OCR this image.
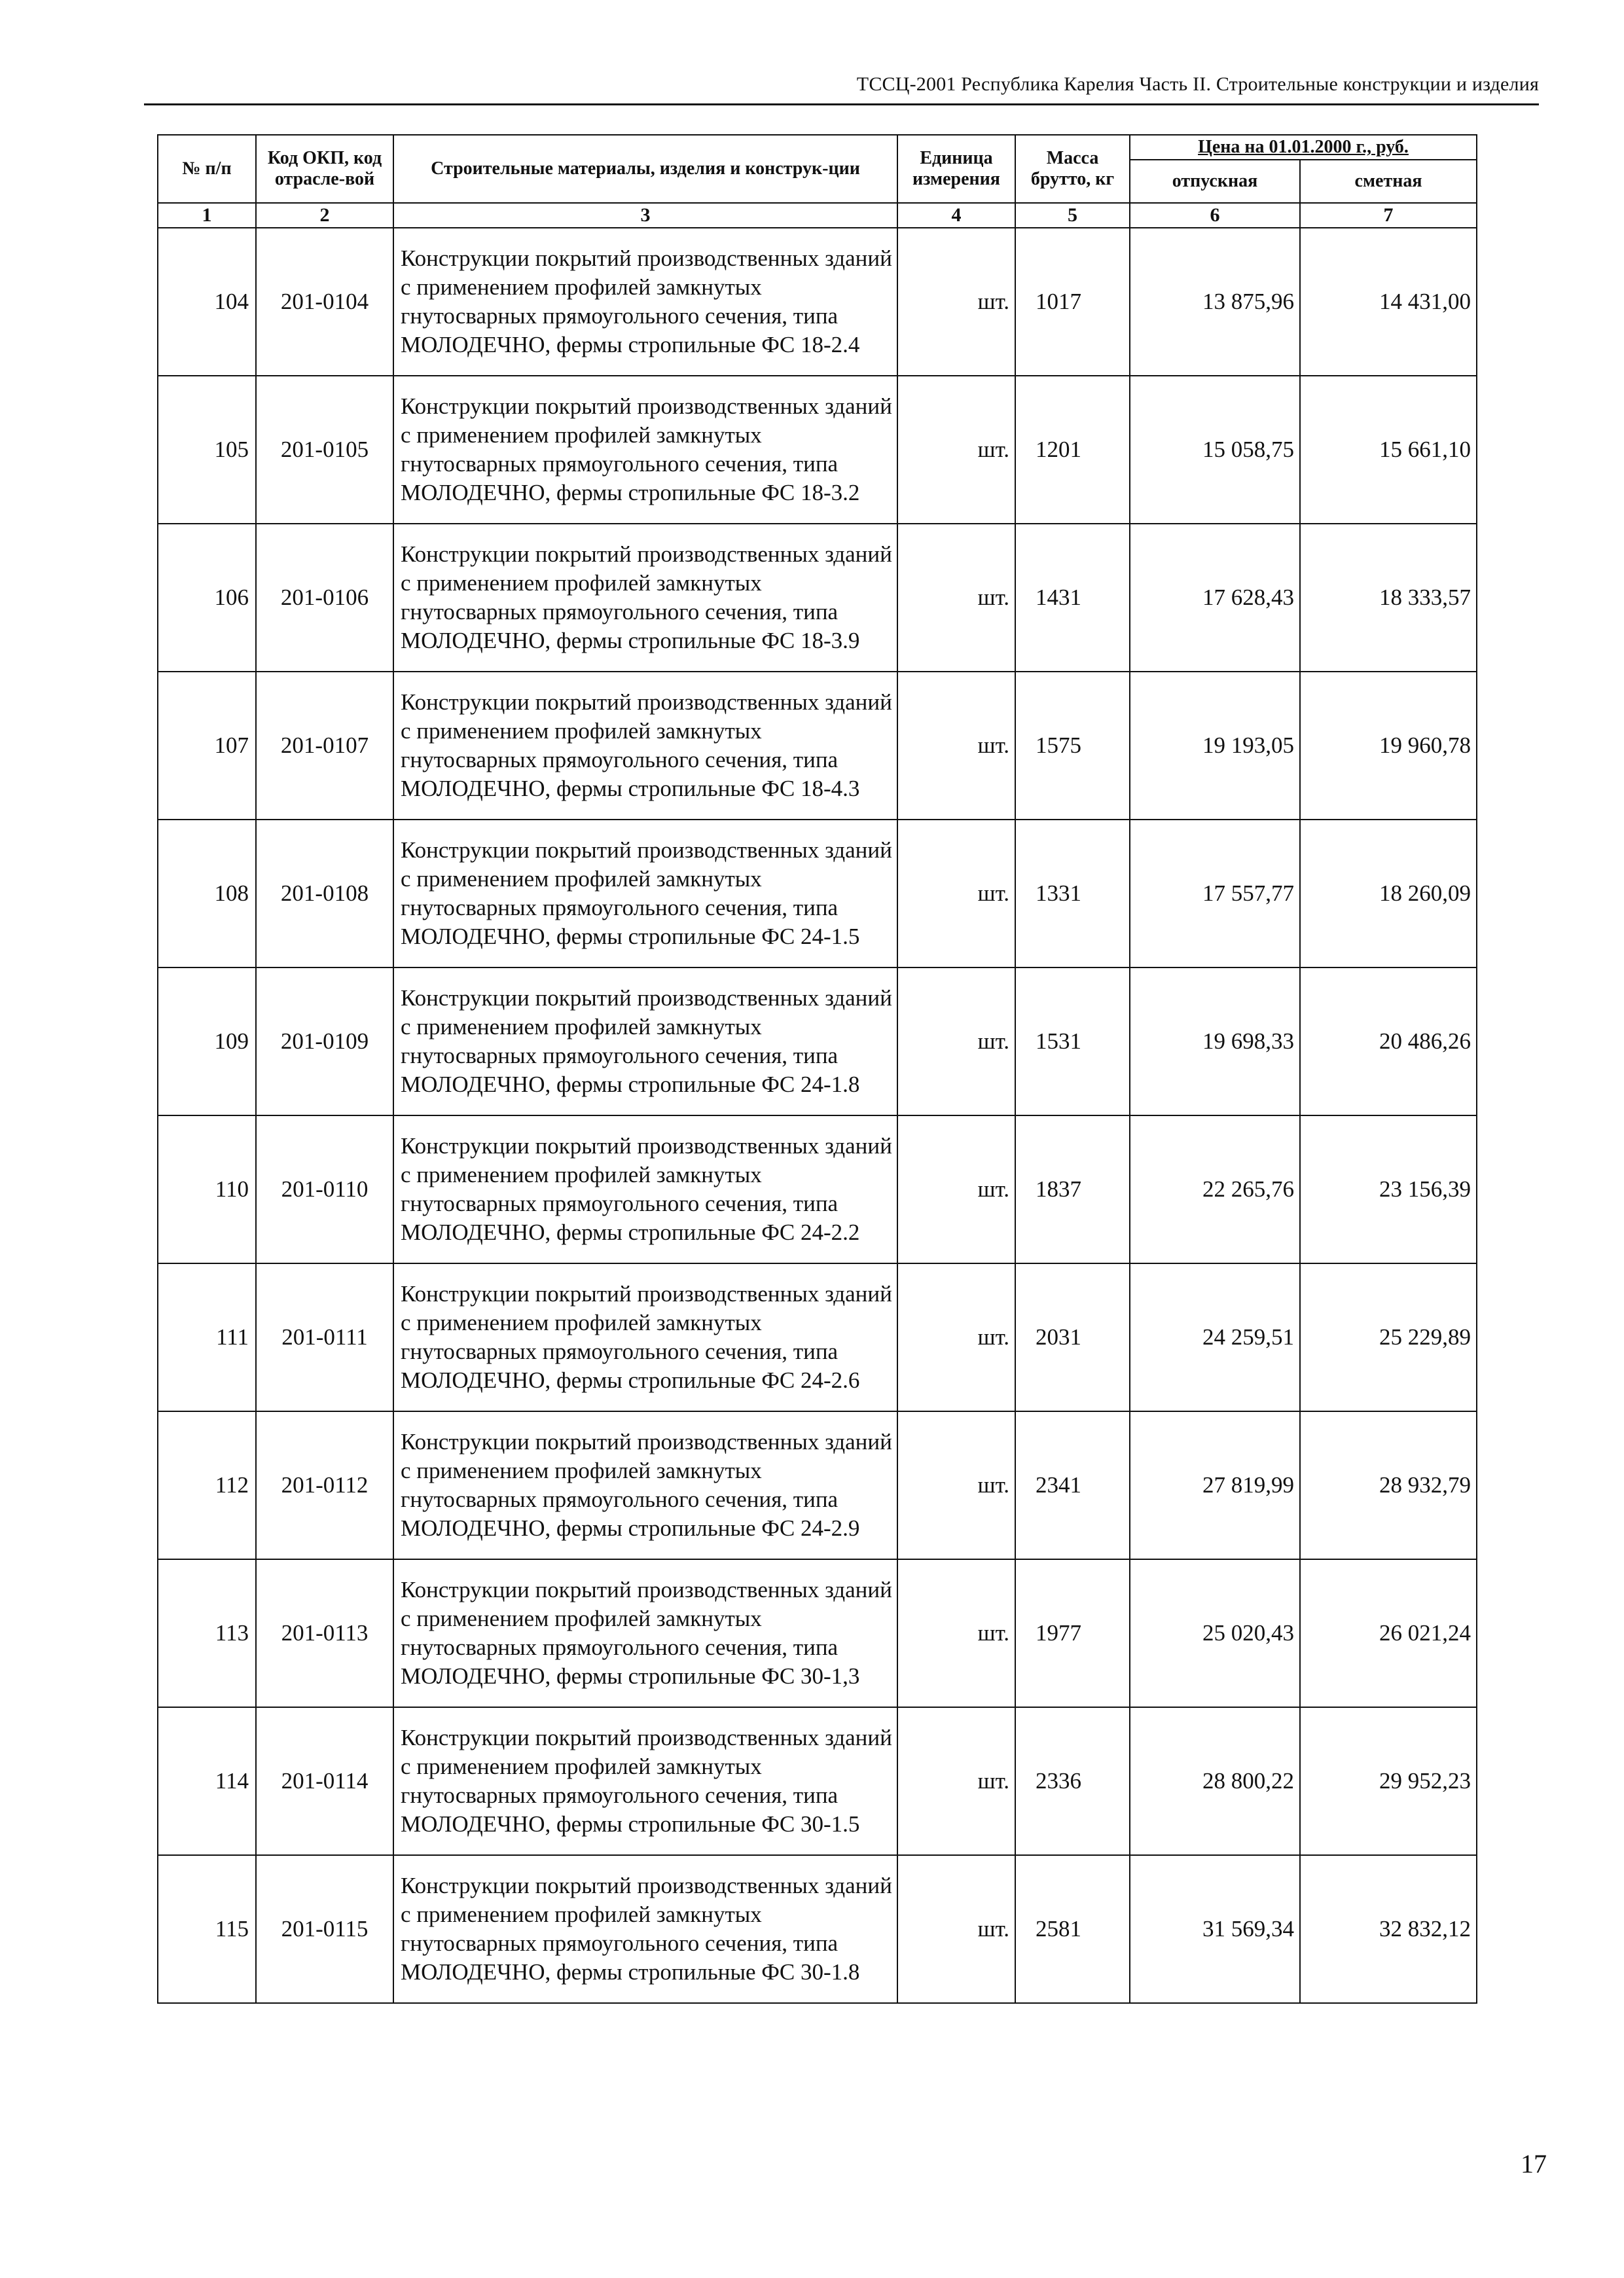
ТССЦ-2001 Республика Карелия Часть II. Строительные конструкции и изделия
№ п/п	Код ОКП, код отрасле-вой	Строительные материалы, изделия и конструк-ции	Единица измерения	Масса брутто, кг	Цена на 01.01.2000 г., руб.	
					отпускная	сметная
1	2	3	4	5	6	7
104	201-0104	Конструкции покрытий производственных зданий с применением профилей замкнутых гнутосварных прямоугольного сечения, типа МОЛОДЕЧНО, фермы стропильные ФС 18-2.4	шт.	1017	13 875,96	14 431,00
105	201-0105	Конструкции покрытий производственных зданий с применением профилей замкнутых гнутосварных прямоугольного сечения, типа МОЛОДЕЧНО, фермы стропильные ФС 18-3.2	шт.	1201	15 058,75	15 661,10
106	201-0106	Конструкции покрытий производственных зданий с применением профилей замкнутых гнутосварных прямоугольного сечения, типа МОЛОДЕЧНО, фермы стропильные ФС 18-3.9	шт.	1431	17 628,43	18 333,57
107	201-0107	Конструкции покрытий производственных зданий с применением профилей замкнутых гнутосварных прямоугольного сечения, типа МОЛОДЕЧНО, фермы стропильные ФС 18-4.3	шт.	1575	19 193,05	19 960,78
108	201-0108	Конструкции покрытий производственных зданий с применением профилей замкнутых гнутосварных прямоугольного сечения, типа МОЛОДЕЧНО, фермы стропильные ФС 24-1.5	шт.	1331	17 557,77	18 260,09
109	201-0109	Конструкции покрытий производственных зданий с применением профилей замкнутых гнутосварных прямоугольного сечения, типа МОЛОДЕЧНО, фермы стропильные ФС 24-1.8	шт.	1531	19 698,33	20 486,26
110	201-0110	Конструкции покрытий производственных зданий с применением профилей замкнутых гнутосварных прямоугольного сечения, типа МОЛОДЕЧНО, фермы стропильные ФС 24-2.2	шт.	1837	22 265,76	23 156,39
111	201-0111	Конструкции покрытий производственных зданий с применением профилей замкнутых гнутосварных прямоугольного сечения, типа МОЛОДЕЧНО, фермы стропильные ФС 24-2.6	шт.	2031	24 259,51	25 229,89
112	201-0112	Конструкции покрытий производственных зданий с применением профилей замкнутых гнутосварных прямоугольного сечения, типа МОЛОДЕЧНО, фермы стропильные ФС 24-2.9	шт.	2341	27 819,99	28 932,79
113	201-0113	Конструкции покрытий производственных зданий с применением профилей замкнутых гнутосварных прямоугольного сечения, типа МОЛОДЕЧНО, фермы стропильные ФС 30-1,3	шт.	1977	25 020,43	26 021,24
114	201-0114	Конструкции покрытий производственных зданий с применением профилей замкнутых гнутосварных прямоугольного сечения, типа МОЛОДЕЧНО, фермы стропильные ФС 30-1.5	шт.	2336	28 800,22	29 952,23
115	201-0115	Конструкции покрытий производственных зданий с применением профилей замкнутых гнутосварных прямоугольного сечения, типа МОЛОДЕЧНО, фермы стропильные ФС 30-1.8	шт.	2581	31 569,34	32 832,12
17
